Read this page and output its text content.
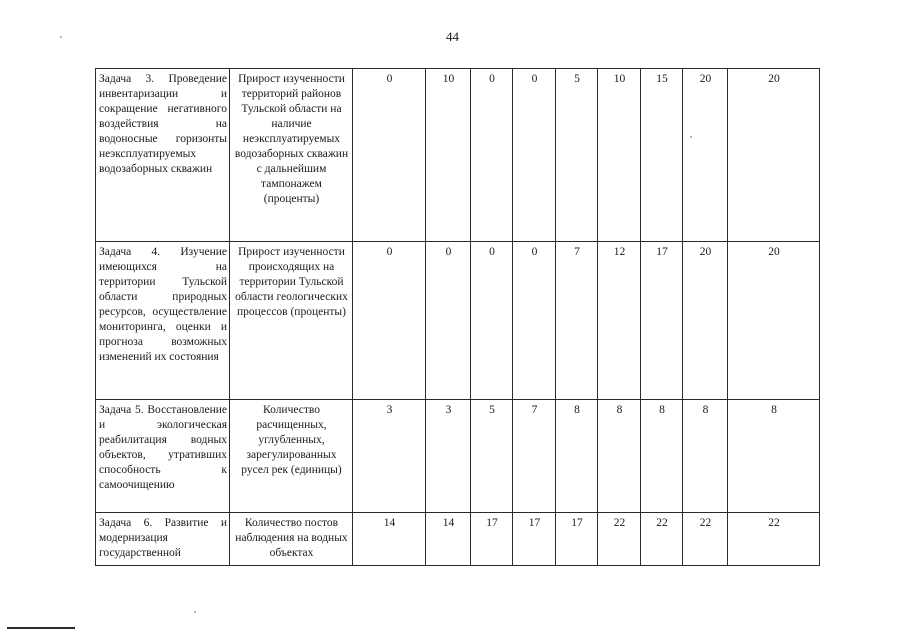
44
Задача 3. Проведение инвентаризации и сокращение негативного воздействия на водоносные горизонты неэксплуатируемых водозаборных скважин	Прирост изученности территорий районов Тульской области на наличие неэксплуатируемых водозаборных скважин с дальнейшим тампонажем (проценты)	0	10	0	0	5	10	15	20	20
Задача 4. Изучение имеющихся на территории Тульской области природных ресурсов, осуществление мониторинга, оценки и прогноза возможных изменений их состояния	Прирост изученности происходящих на территории Тульской области геологических процессов (проценты)	0	0	0	0	7	12	17	20	20
Задача 5. Восстановление и экологическая реабилитация водных объектов, утративших способность к самоочищению	Количество расчищенных, углубленных, зарегулированных русел рек (единицы)	3	3	5	7	8	8	8	8	8
Задача 6. Развитие и модернизация государственной	Количество постов наблюдения на водных объектах	14	14	17	17	17	22	22	22	22
